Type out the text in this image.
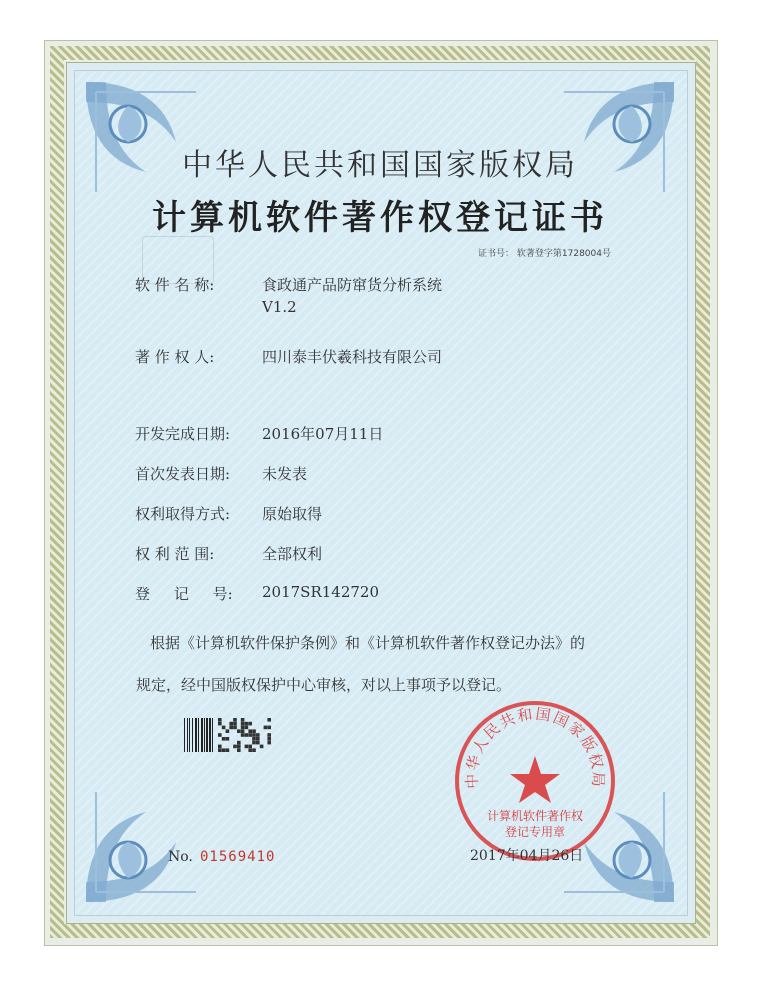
中华人民共和国国家版权局
计算机软件著作权登记证书
证书号： 软著登字第1728004号
软 件 名 称:	食政通产品防窜货分析系统
V1.2
著 作 权 人:	四川泰丰伏羲科技有限公司
开发完成日期: 2016年07月11日
首次发表日期: 未发表
权利取得方式: 原始取得
权 利 范 围:	全部权利
登     记     号: 2017SR142720
根据《计算机软件保护条例》和《计算机软件著作权登记办法》的
规定，经中国版权保护中心审核，对以上事项予以登记。
中华人民共和国国家版权局
计算机软件著作权
登记专用章
No. 01569410	2017年04月26日
